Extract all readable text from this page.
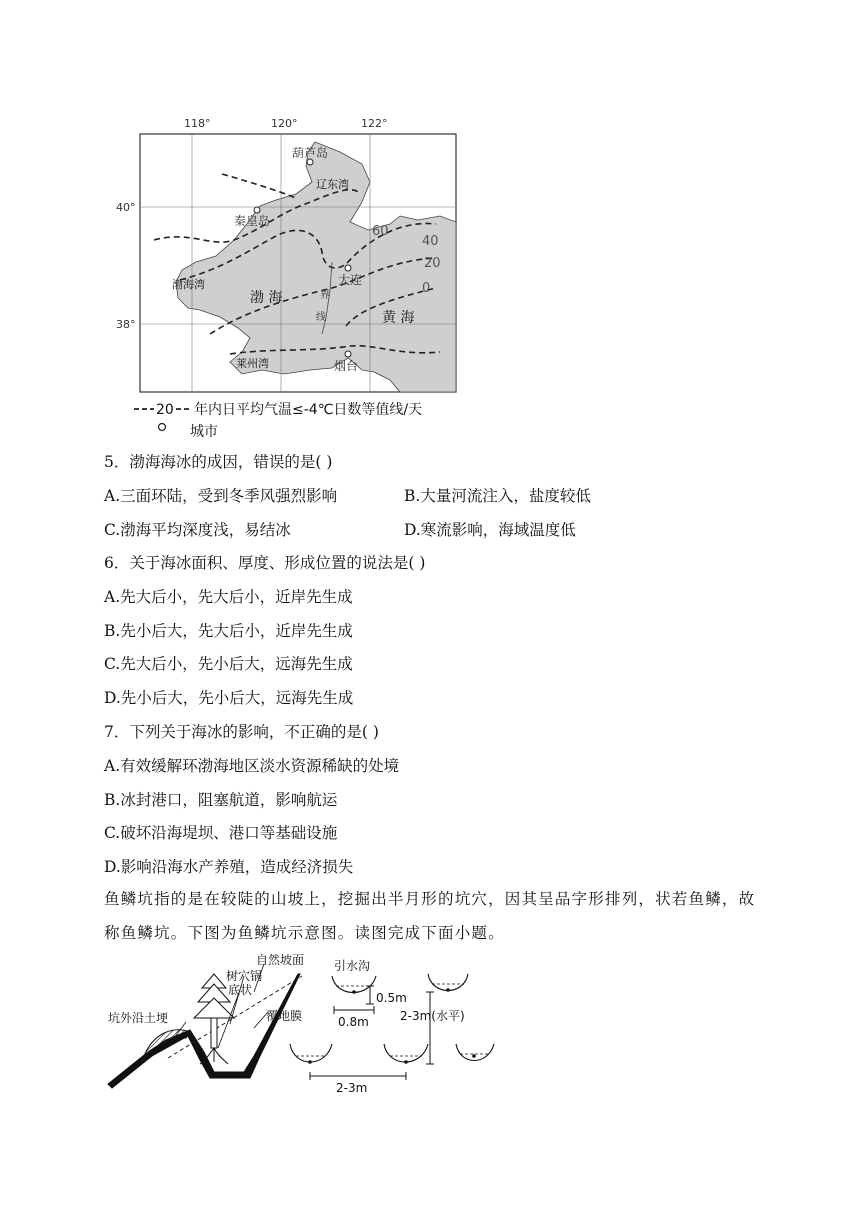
118°	120°	122°
40°
38°
葫芦岛
辽东湾
秦皇岛
渤海湾
渤 海
大连
界
线	黄 海
莱州湾	烟台
60
40
20
0
20 年内日平均气温≤-4℃日数等值线/天
城市
5．渤海海冰的成因，错误的是( )
A.三面环陆，受到冬季风强烈影响	B.大量河流注入，盐度较低
C.渤海平均深度浅，易结冰	D.寒流影响，海域温度低
6．关于海冰面积、厚度、形成位置的说法是( )
A.先大后小，先大后小，近岸先生成
B.先小后大，先大后小，近岸先生成
C.先大后小，先小后大，远海先生成
D.先小后大，先小后大，远海先生成
7．下列关于海冰的影响，不正确的是( )
A.有效缓解环渤海地区淡水资源稀缺的处境
B.冰封港口，阻塞航道，影响航运
C.破坏沿海堤坝、港口等基础设施
D.影响沿海水产养殖，造成经济损失
鱼鳞坑指的是在较陡的山坡上，挖掘出半月形的坑穴，因其呈品字形排列，状若鱼鳞，故称鱼鳞坑。下图为鱼鳞坑示意图。读图完成下面小题。
自然坡面
树穴锅
底状
坑外沿土埂	覆地膜
引水沟
0.5m
0.8m	2-3m(水平)
2-3m
